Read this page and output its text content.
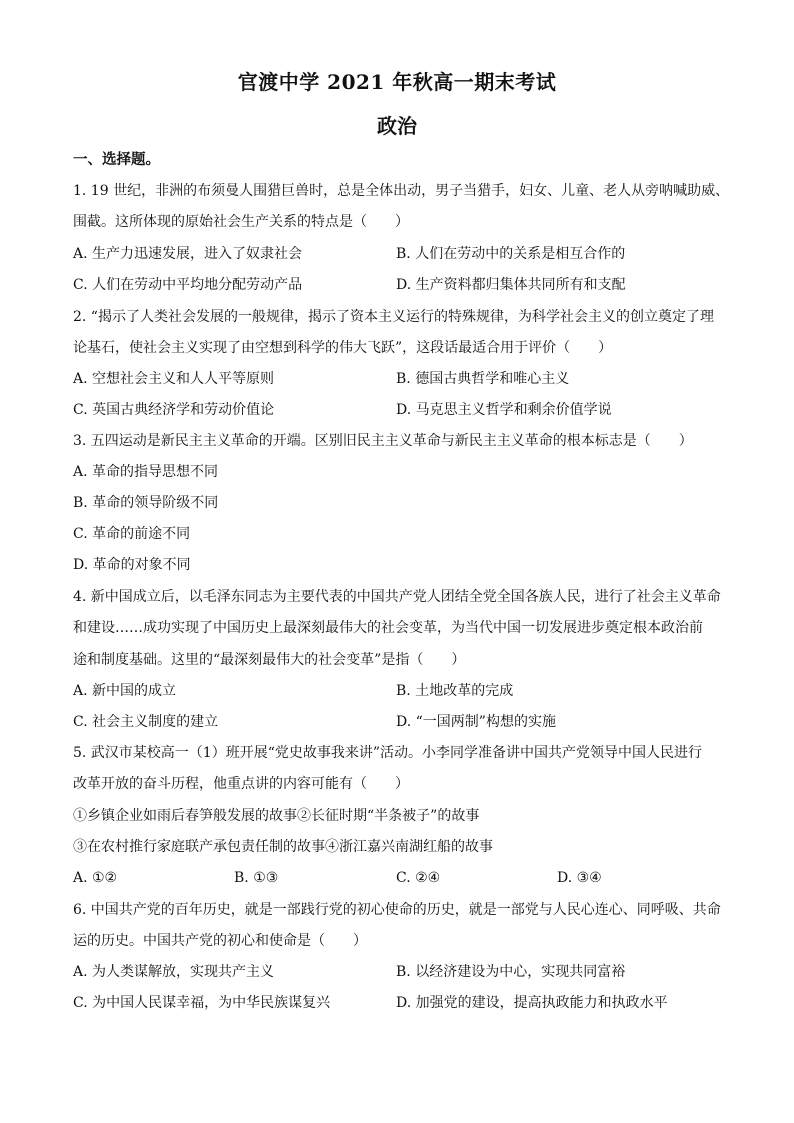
官渡中学 2021 年秋高一期末考试
政治
一、选择题。
1. 19 世纪，非洲的布须曼人围猎巨兽时，总是全体出动，男子当猎手，妇女、儿童、老人从旁呐喊助威、
围截。这所体现的原始社会生产关系的特点是（　　）
A. 生产力迅速发展，进入了奴隶社会	B. 人们在劳动中的关系是相互合作的
C. 人们在劳动中平均地分配劳动产品	D. 生产资料都归集体共同所有和支配
2. “揭示了人类社会发展的一般规律，揭示了资本主义运行的特殊规律，为科学社会主义的创立奠定了理
论基石，使社会主义实现了由空想到科学的伟大飞跃”，这段话最适合用于评价（　　）
A. 空想社会主义和人人平等原则	B. 德国古典哲学和唯心主义
C. 英国古典经济学和劳动价值论	D. 马克思主义哲学和剩余价值学说
3. 五四运动是新民主主义革命的开端。区别旧民主主义革命与新民主主义革命的根本标志是（　　）
A. 革命的指导思想不同
B. 革命的领导阶级不同
C. 革命的前途不同
D. 革命的对象不同
4. 新中国成立后，以毛泽东同志为主要代表的中国共产党人团结全党全国各族人民，进行了社会主义革命
和建设……成功实现了中国历史上最深刻最伟大的社会变革，为当代中国一切发展进步奠定根本政治前
途和制度基础。这里的“最深刻最伟大的社会变革”是指（　　）
A. 新中国的成立	B. 土地改革的完成
C. 社会主义制度的建立	D. “一国两制”构想的实施
5. 武汉市某校高一（1）班开展“党史故事我来讲”活动。小李同学准备讲中国共产党领导中国人民进行
改革开放的奋斗历程，他重点讲的内容可能有（　　）
①乡镇企业如雨后春笋般发展的故事②长征时期“半条被子”的故事
③在农村推行家庭联产承包责任制的故事④浙江嘉兴南湖红船的故事
A. ①②	B. ①③	C. ②④	D. ③④
6. 中国共产党的百年历史，就是一部践行党的初心使命的历史，就是一部党与人民心连心、同呼吸、共命
运的历史。中国共产党的初心和使命是（　　）
A. 为人类谋解放，实现共产主义	B. 以经济建设为中心，实现共同富裕
C. 为中国人民谋幸福，为中华民族谋复兴	D. 加强党的建设，提高执政能力和执政水平
